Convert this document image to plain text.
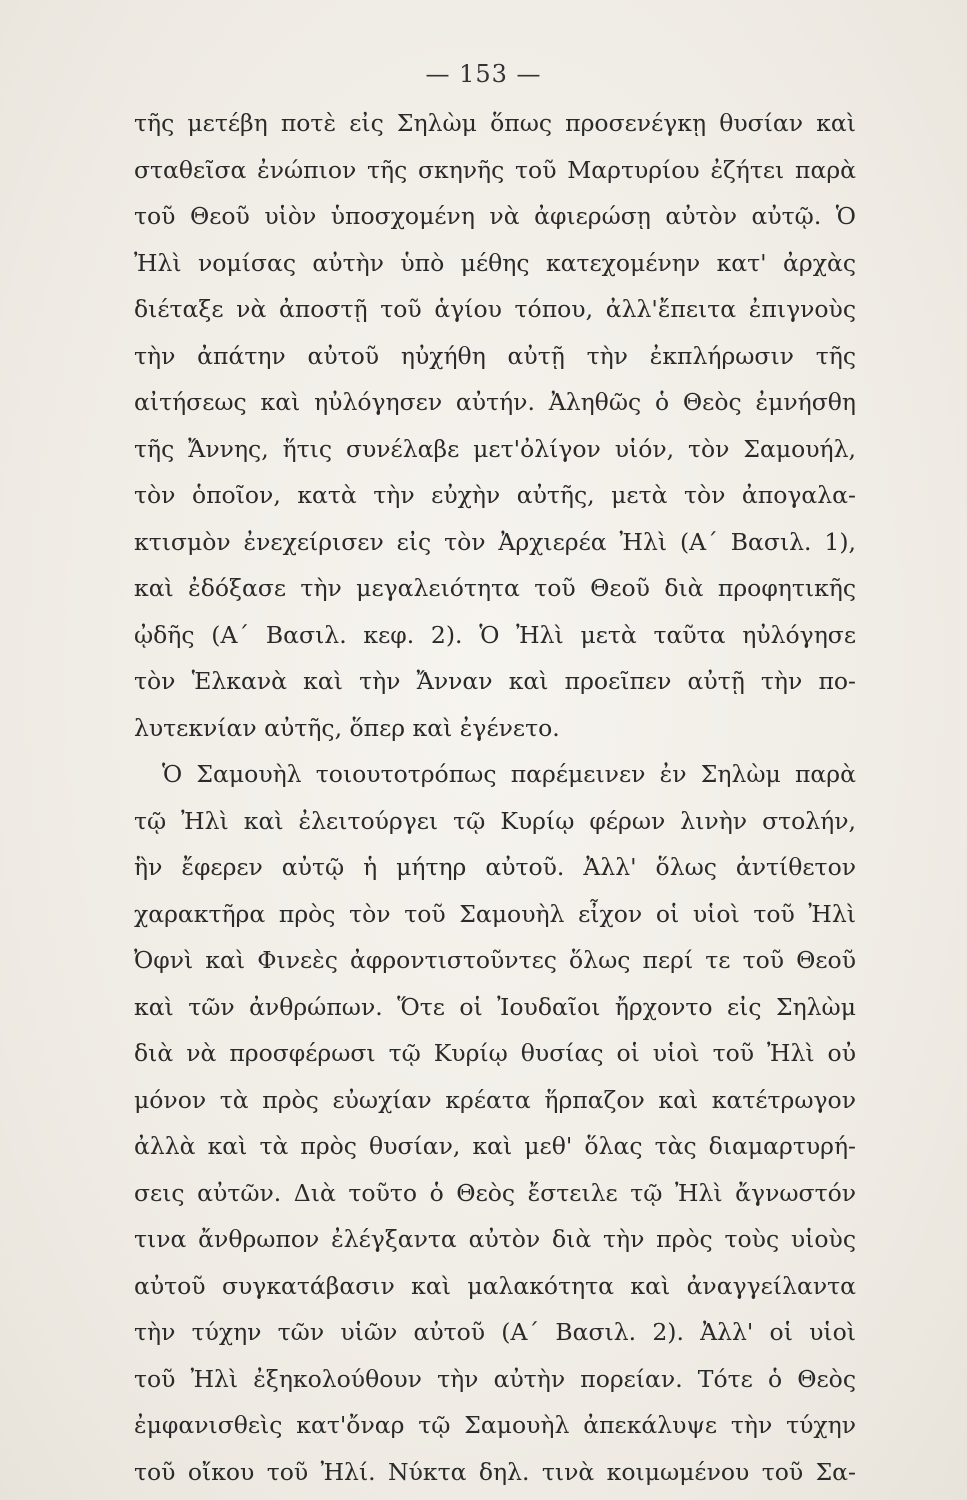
— 153 —
τῆς μετέβη ποτὲ εἰς Σηλὼμ ὅπως προσενέγκῃ θυσίαν καὶ
σταθεῖσα ἐνώπιον τῆς σκηνῆς τοῦ Μαρτυρίου ἐζήτει παρὰ
τοῦ Θεοῦ υἱὸν ὑποσχομένη νὰ ἀφιερώσῃ αὐτὸν αὐτῷ. Ὁ
Ἠλὶ νομίσας αὐτὴν ὑπὸ μέθης κατεχομένην κατ' ἀρχὰς
διέταξε νὰ ἀποστῇ τοῦ ἁγίου τόπου, ἀλλ'ἔπειτα ἐπιγνοὺς
τὴν ἀπάτην αὐτοῦ ηὐχήθη αὐτῇ τὴν ἐκπλήρωσιν τῆς
αἰτήσεως καὶ ηὐλόγησεν αὐτήν. Ἀληθῶς ὁ Θεὸς ἐμνήσθη
τῆς Ἄννης, ἥτις συνέλαβε μετ'ὀλίγον υἱόν, τὸν Σαμουήλ,
τὸν ὁποῖον, κατὰ τὴν εὐχὴν αὐτῆς, μετὰ τὸν ἀπογαλα-
κτισμὸν ἐνεχείρισεν εἰς τὸν Ἀρχιερέα Ἠλὶ (Α΄ Βασιλ. 1),
καὶ ἐδόξασε τὴν μεγαλειότητα τοῦ Θεοῦ διὰ προφητικῆς
ᾠδῆς (Α΄ Βασιλ. κεφ. 2). Ὁ Ἠλὶ μετὰ ταῦτα ηὐλόγησε
τὸν Ἑλκανὰ καὶ τὴν Ἄνναν καὶ προεῖπεν αὐτῇ τὴν πο-
λυτεκνίαν αὐτῆς, ὅπερ καὶ ἐγένετο.
Ὁ Σαμουὴλ τοιουτοτρόπως παρέμεινεν ἐν Σηλὼμ παρὰ
τῷ Ἠλὶ καὶ ἐλειτούργει τῷ Κυρίῳ φέρων λινὴν στολήν,
ἣν ἔφερεν αὐτῷ ἡ μήτηρ αὐτοῦ. Ἀλλ' ὅλως ἀντίθετον
χαρακτῆρα πρὸς τὸν τοῦ Σαμουὴλ εἶχον οἱ υἱοὶ τοῦ Ἠλὶ
Ὀφνὶ καὶ Φινεὲς ἀφροντιστοῦντες ὅλως περί τε τοῦ Θεοῦ
καὶ τῶν ἀνθρώπων. Ὅτε οἱ Ἰουδαῖοι ἤρχοντο εἰς Σηλὼμ
διὰ νὰ προσφέρωσι τῷ Κυρίῳ θυσίας οἱ υἱοὶ τοῦ Ἠλὶ οὐ
μόνον τὰ πρὸς εὐωχίαν κρέατα ἥρπαζον καὶ κατέτρωγον
ἀλλὰ καὶ τὰ πρὸς θυσίαν, καὶ μεθ' ὅλας τὰς διαμαρτυρή-
σεις αὐτῶν. Διὰ τοῦτο ὁ Θεὸς ἔστειλε τῷ Ἠλὶ ἄγνωστόν
τινα ἄνθρωπον ἐλέγξαντα αὐτὸν διὰ τὴν πρὸς τοὺς υἱοὺς
αὐτοῦ συγκατάβασιν καὶ μαλακότητα καὶ ἀναγγείλαντα
τὴν τύχην τῶν υἱῶν αὐτοῦ (Α΄ Βασιλ. 2). Ἀλλ' οἱ υἱοὶ
τοῦ Ἠλὶ ἐξηκολούθουν τὴν αὐτὴν πορείαν. Τότε ὁ Θεὸς
ἐμφανισθεὶς κατ'ὄναρ τῷ Σαμουὴλ ἀπεκάλυψε τὴν τύχην
τοῦ οἴκου τοῦ Ἠλί. Νύκτα δηλ. τινὰ κοιμωμένου τοῦ Σα-
